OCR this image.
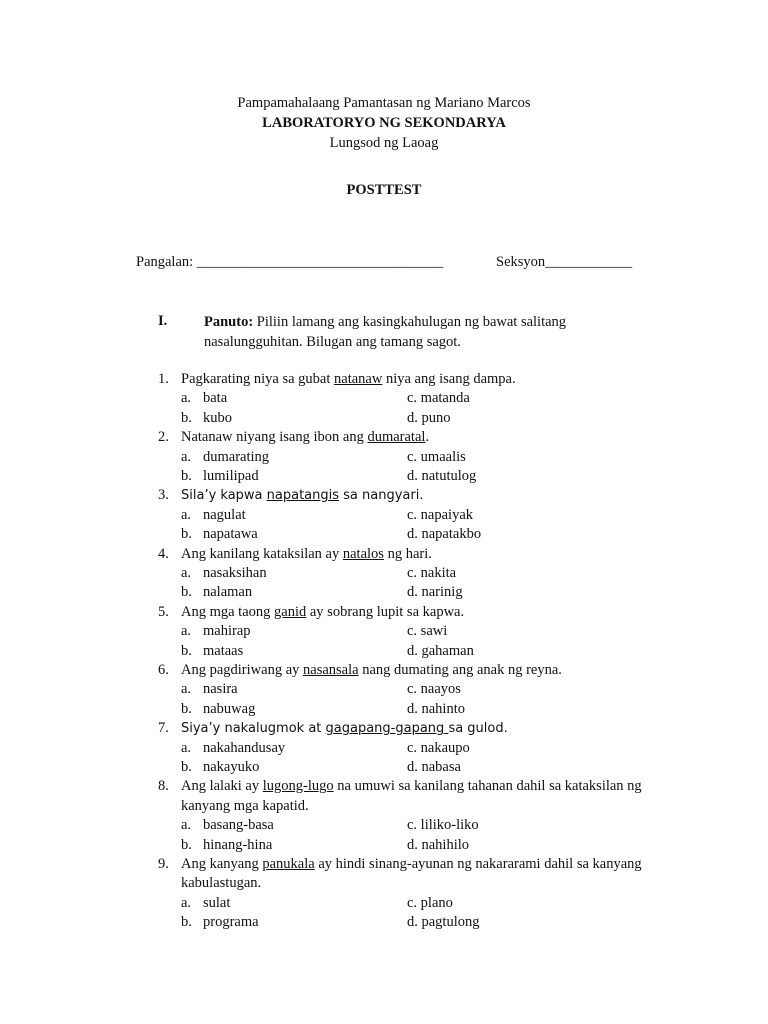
Pampamahalaang Pamantasan ng Mariano Marcos
LABORATORYO NG SEKONDARYA
Lungsod ng Laoag
POSTTEST
Pangalan: __________________________________	Seksyon____________
I.	Panuto: Piliin lamang ang kasingkahulugan ng bawat salitang nasalungguhitan. Bilugan ang tamang sagot.
1. Pagkarating niya sa gubat natanaw niya ang isang dampa.
a. bata
b. kubo
c. matanda
d. puno
2. Natanaw niyang isang ibon ang dumaratal.
a. dumarating
b. lumilipad
c. umaalis
d. natutulog
3. Sila’y kapwa napatangis sa nangyari.
a. nagulat
b. napatawa
c. napaiyak
d. napatakbo
4. Ang kanilang kataksilan ay natalos ng hari.
a. nasaksihan
b. nalaman
c. nakita
d. narinig
5. Ang mga taong ganid ay sobrang lupit sa kapwa.
a. mahirap
b. mataas
c. sawi
d. gahaman
6. Ang pagdiriwang ay nasansala nang dumating ang anak ng reyna.
a. nasira
b. nabuwag
c. naayos
d. nahinto
7. Siya’y nakalugmok at gagapang-gapang sa gulod.
a. nakahandusay
b. nakayuko
c. nakaupo
d. nabasa
8. Ang lalaki ay lugong-lugo na umuwi sa kanilang tahanan dahil sa kataksilan ng kanyang mga kapatid.
a. basang-basa
b. hinang-hina
c. liliko-liko
d. nahihilo
9. Ang kanyang panukala ay hindi sinang-ayunan ng nakararami dahil sa kanyang kabulastugan.
a. sulat
b. programa
c. plano
d. pagtulong
